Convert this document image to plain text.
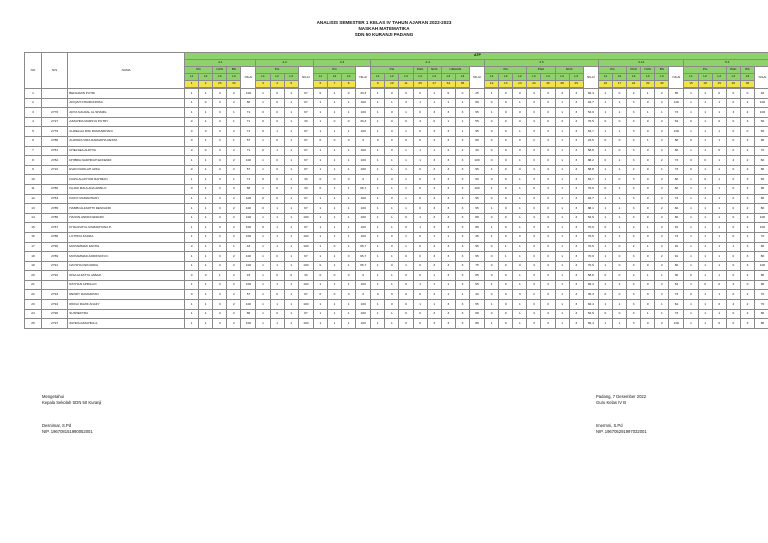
ANALISIS SEMESTER 1 KELAS IV TAHUN AJARAN 2022-2023
NASKAH MATEMATIKA
SDN 50 KURANJI PADANG
NO	NIS	NAMA	ATP																																								
			4.1					4.2				4.3				4.4								4.5								4.14						5.3					
			PG		NUS	BS	NILAI	PG			NILAI	PG			NILAI	PG			PGK	NUS	URAIAN		NILAI	PG			PGK		NUS		NILAI	PG		PGK	NUS	BS	NILAI	PG			PGK	BS	NILAI
			L1	L2	L3	L3		L1	L2	L3		L1	L2	L3		L1	L2	L3	L3	L3	L3	L3		L1	L2	L2	L3	L3	L3	L3		L1	L2	L3	L3	L3		L1	L2	L3	L3	L3	
			1	2	23	33		3	4	5		6	7	8		9	10	11	25	27	34	35		12	13	14	24	26	28	29		16	17	24	30	32		15	18	19	20	36	

1		BENJAMIN PUTRI	1	1	3	2	100	1	0	1	67	0	1	0	33,3	1	0	0	0	1	0	0	25	1	0	0	3	3	3	3	82,4	1	0	2	1	2	55	1	1	0	0	0	40
2		AFIQAH KHAIRUNNISA	1	0	3	2	80	1	0	1	67	1	1	1	100	1	1	3	1	1	1	1	68	0	0	1	3	3	1	3	94,7	1	1	3	0	2	100	1	1	1	0	2	100
3	2776	ARYA NAUFAL AL SHAMIL	1	1	3	1	71	0	0	1	67	1	1	1	100	1	0	1	0	3	3	3	95	1	0	0	3	3	1	3	52,9	1	1	3	1	1	73	1	1	1	3	4	100
4	2727	AZZAHRA MARSYA PUTRY	0	1	3	1	71	0	0	1	33	1	0	0	33,3	1	0	0	3	0	1	1	55	0	0	0	3	0	3	3	76,5	0	0	3	0	2	64	0	1	0	0	3	60
5	2779	AURELLIA DWI RAMANDHANI	0	0	3	2	71	0	1	1	67	1	1	1	100	1	0	1	0	3	3	1	95	0	0	1	3	3	1	3	64,7	1	1	3	0	2	100	1	1	1	0	0	60
6	2788	AURORA VIRA RAMADHA DESTA	0	1	3	1	57	1	0	1	67	0	0	0	0	0	0	0	0	3	3	3	80	0	0	0	2	3	1	3	23,5	0	0	3	1	2	58	0	1	1	0	3	80
7	2781	CHELSEA ALDITIA	0	0	3	2	71	0	1	1	67	1	1	1	100	1	0	1	1	1	2	2	40	0	0	0	3	3	1	3	58,8	1	0	3	0	2	82	1	1	0	0	2	70
8	2782	DHIBRA NADHIFAH EFFENDI	1	1	3	2	100	1	0	1	67	1	1	1	100	1	1	1	1	3	3	3	100	0	0	1	3	3	1	3	88,2	0	1	3	0	2	73	0	0	1	2	2	60
9	2710	EVAN FADILAH AZKA	0	1	3	2	57	1	0	1	67	1	1	1	100	1	1	1	0	3	3	3	95	1	0	0	3	3	1	3	58,8	1	1	2	0	1	73	0	1	1	0	2	80
10		FAIZA ALUKHUR RAHMAN	1	1	3	1	71	0	0	1	33	0	0	0	0	1	0	1	0	3	3	3	50	0	0	1	3	3	1	3	64,7	1	0	3	0	2	82	1	0	1	0	3	60
11	2780	FAJAR MAULANA AKBILO	0	1	3	0	86	1	0	1	33	0	1	1	66,7	1	1	1	0	3	3	3	100	1	0	1	0	3	1	3	70,6	0	1	3	0	2	82	1	1	1	0	2	80
12	2783	FIONY RAMADHANY	1	1	3	2	100	0	0	1	67	1	1	1	100	1	0	1	0	3	3	3	95	0	0	1	3	3	1	3	94,7	1	1	3	0	2	73	1	1	1	0	3	80
13	2785	HABIBI ALFARTHI DESVAFRI	1	1	3	2	100	0	1	1	67	1	1	1	100	1	1	1	0	3	3	3	95	1	0	1	3	3	1	3	88,1	1	1	3	0	2	82	1	1	1	0	2	80
14	2786	HANUN ANDINI EFENDI	1	1	3	2	100	1	1	1	100	1	1	1	100	1	1	0	1	3	3	3	88	0	0	1	3	3	1	3	52,9	1	1	3	0	2	82	1	1	1	0	2	100
15	2787	KHALIFATUL RAMADHUNA P.	1	1	3	2	100	0	1	1	67	1	1	1	100	1	1	0	1	3	3	3	88	1	0	1	3	3	1	3	70,6	0	1	2	1	2	91	1	1	1	0	2	100
16	2788	LUTHFIA FAJIRA	1	1	3	2	100	1	1	1	100	1	1	1	100	1	0	1	0	1	1	3	45	1	0	0	3	3	1	3	76,5	1	1	3	0	2	73	1	1	1	0	1	70
17	2790	MUHAMMAD FADHIL	0	1	3	1	43	1	1	1	100	1	0	1	66,7	1	0	1	0	3	3	3	95	0	1	1	3	3	1	3	70,6	1	0	2	1	2	91	1	1	1	1	3	80
18	2789	MUHAMMAD ARDIKSON D.	1	1	3	2	100	1	0	1	67	1	1	0	66,7	1	1	0	0	3	3	3	95	0	1	1	3	3	1	3	70,6	1	0	3	0	2	91	1	1	1	0	3	80
19	2791	NAYSHA DWI ARIFA	1	1	3	2	100	1	1	1	100	0	1	1	66,7	1	0	1	0	3	3	3	75	0	0	0	3	3	1	3	70,6	1	0	3	0	2	82	1	1	1	0	3	100
20	2792	RISA ALFATYA JABAR	0	0	1	2	43	1	0	0	33	0	0	0	0	1	1	0	0	1	3	3	85	0	0	1	3	3	1	3	58,8	0	0	2	1	1	36	0	1	1	0	2	80
21		RAYHAN APRILLIO	1	1	3	2	100	1	1	1	100	1	1	1	100	1	1	0	1	1	1	3	65	1	0	1	3	3	1	3	82,4	1	1	3	0	2	64	1	0	0	2	0	80
22	2793	RENDY RAMADHAN	0	1	3	2	57	1	0	1	67	0	0	0	0	0	0	0	0	3	1	1	40	0	0	0	2	3	1	3	35,3	0	0	3	0	2	73	0	1	1	0	2	70
23	2794	RIFFAI RAZIF ANAFY	1	1	3	2	100	1	1	1	100	1	1	1	100	1	0	0	1	1	3	3	55	1	0	1	3	3	1	3	82,4	1	1	3	0	1	64	1	1	0	2	2	70
24	2796	SUSHEKTRA	1	1	3	2	86	1	0	1	67	1	1	1	100	1	1	0	0	3	3	3	68	0	0	1	3	3	1	3	52,9	0	0	3	1	1	73	1	1	1	0	2	80
25	2797	ZAHRA AZZAHRA A.	1	1	3	2	100	1	1	1	100	1	1	1	100	1	1	0	0	3	3	3	88	1	0	1	3	3	1	3	82,4	1	1	3	0	2	100	1	1	0	0	3	80
Mengetahui
Kepala Sekolah SDN 50 Kuranji
Desnimar, S.Pd
NIP. 196708151990052001
Padang, 7 Desember 2022
Guru Kelas IV B
Imermni, S.Pd
NIP. 196705291997032001
